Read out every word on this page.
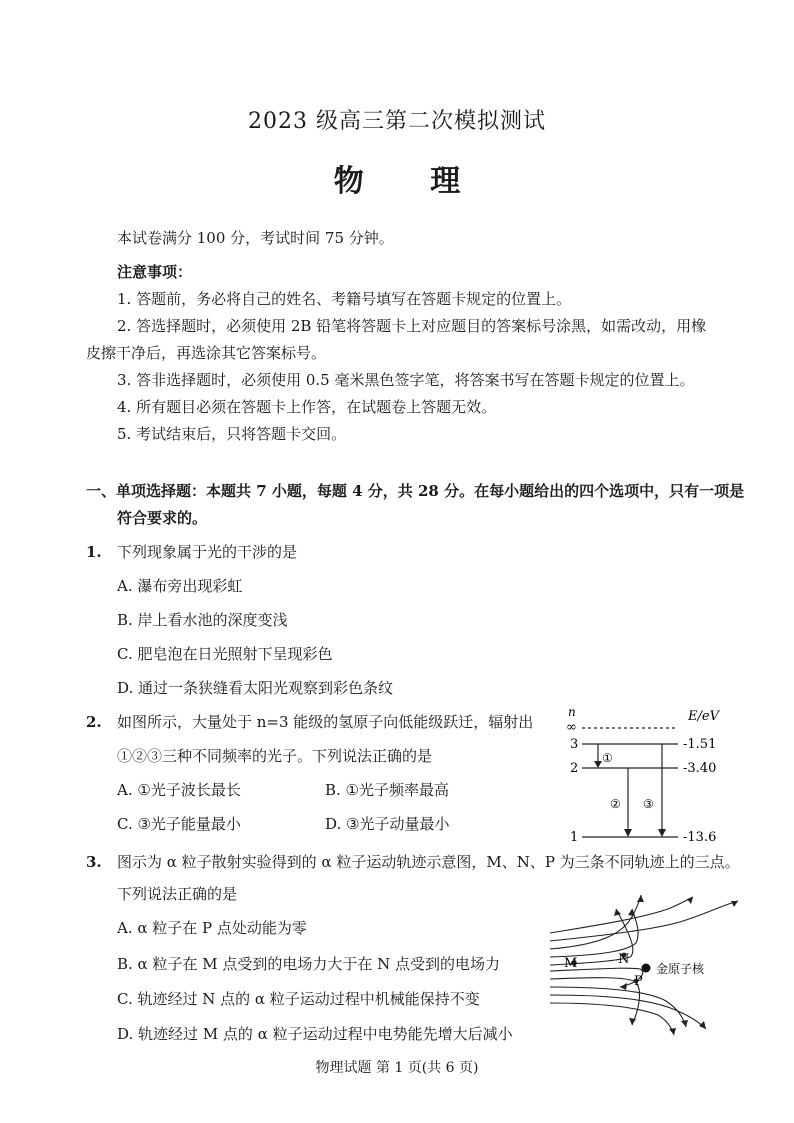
2023 级高三第二次模拟测试
物 理
本试卷满分 100 分，考试时间 75 分钟。
注意事项：
1. 答题前，务必将自己的姓名、考籍号填写在答题卡规定的位置上。
2. 答选择题时，必须使用 2B 铅笔将答题卡上对应题目的答案标号涂黑，如需改动，用橡
皮擦干净后，再选涂其它答案标号。
3. 答非选择题时，必须使用 0.5 毫米黑色签字笔，将答案书写在答题卡规定的位置上。
4. 所有题目必须在答题卡上作答，在试题卷上答题无效。
5. 考试结束后，只将答题卡交回。
一、单项选择题：本题共 7 小题，每题 4 分，共 28 分。在每小题给出的四个选项中，只有一项是
符合要求的。
1. 下列现象属于光的干涉的是
A. 瀑布旁出现彩虹
B. 岸上看水池的深度变浅
C. 肥皂泡在日光照射下呈现彩色
D. 通过一条狭缝看太阳光观察到彩色条纹
2. 如图所示，大量处于 n=3 能级的氢原子向低能级跃迁，辐射出
①②③三种不同频率的光子。下列说法正确的是
A. ①光子波长最长	B. ①光子频率最高
C. ③光子能量最小	D. ③光子动量最小
n	E/eV
∞
3	-1.51
2	-3.40
1	-13.6
①
② ③
3. 图示为 α 粒子散射实验得到的 α 粒子运动轨迹示意图，M、N、P 为三条不同轨迹上的三点。
下列说法正确的是
A. α 粒子在 P 点处动能为零
B. α 粒子在 M 点受到的电场力大于在 N 点受到的电场力
C. 轨迹经过 N 点的 α 粒子运动过程中机械能保持不变
D. 轨迹经过 M 点的 α 粒子运动过程中电势能先增大后减小
M	N
P
金原子核
物理试题 第 1 页(共 6 页)
